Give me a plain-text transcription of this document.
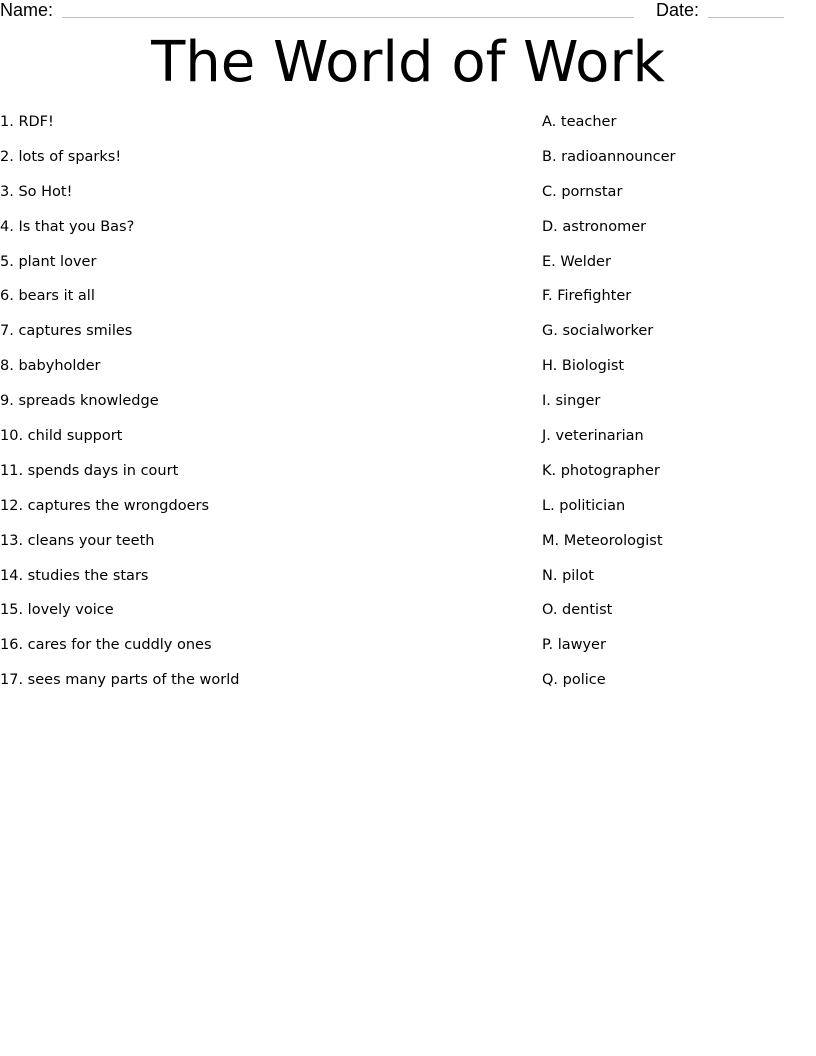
Name:	Date:
The World of Work
1. RDF!
2. lots of sparks!
3. So Hot!
4. Is that you Bas?
5. plant lover
6. bears it all
7. captures smiles
8. babyholder
9. spreads knowledge
10. child support
11. spends days in court
12. captures the wrongdoers
13. cleans your teeth
14. studies the stars
15. lovely voice
16. cares for the cuddly ones
17. sees many parts of the world
A. teacher
B. radioannouncer
C. pornstar
D. astronomer
E. Welder
F. Firefighter
G. socialworker
H. Biologist
I. singer
J. veterinarian
K. photographer
L. politician
M. Meteorologist
N. pilot
O. dentist
P. lawyer
Q. police
